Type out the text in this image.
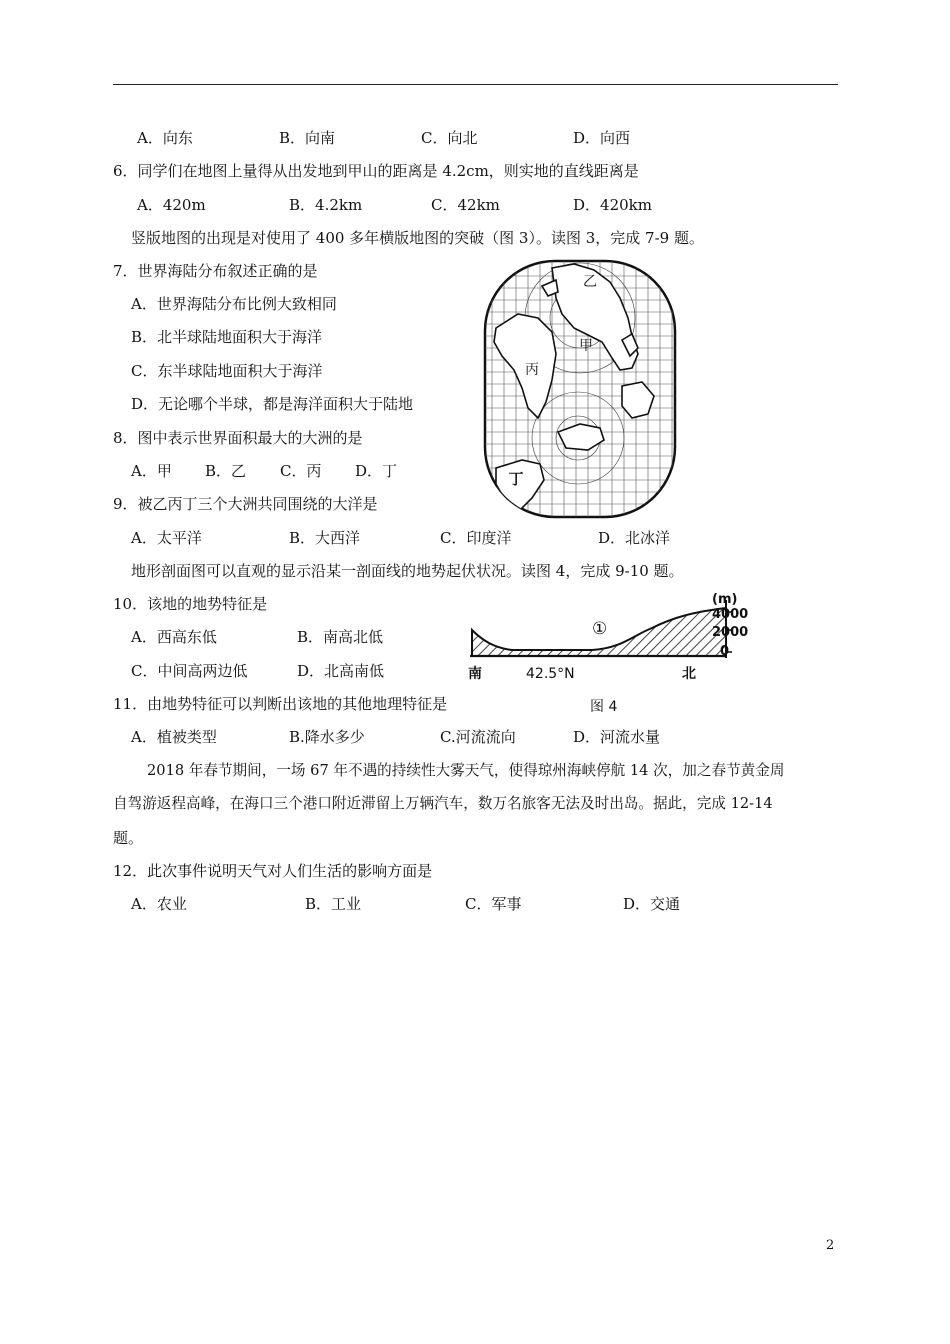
A．向东	B．向南	C．向北	D．向西
6．同学们在地图上量得从出发地到甲山的距离是 4.2cm，则实地的直线距离是
A．420m	B．4.2km	C．42km	D．420km
竖版地图的出现是对使用了 400 多年横版地图的突破（图 3）。读图 3，完成 7-9 题。
7．世界海陆分布叙述正确的是
A．世界海陆分布比例大致相同
B．北半球陆地面积大于海洋
C．东半球陆地面积大于海洋
D．无论哪个半球，都是海洋面积大于陆地
8．图中表示世界面积最大的大洲的是
A．甲 B．乙 C．丙 D．丁
9．被乙丙丁三个大洲共同围绕的大洋是
A．太平洋	B．大西洋	C．印度洋	D．北冰洋
地形剖面图可以直观的显示沿某一剖面线的地势起伏状况。读图 4，完成 9-10 题。
10．该地的地势特征是
A．西高东低	B．南高北低
C．中间高两边低	D．北高南低
11．由地势特征可以判断出该地的其他地理特征是
A．植被类型	B.降水多少	C.河流流向	D．河流水量
2018 年春节期间，一场 67 年不遇的持续性大雾天气，使得琼州海峡停航 14 次，加之春节黄金周
自驾游返程高峰，在海口三个港口附近滞留上万辆汽车，数万名旅客无法及时出岛。据此，完成 12-14
题。
12．此次事件说明天气对人们生活的影响方面是
A．农业	B．工业	C．军事	D．交通
乙
甲
丙
丁
(m)
4000
2000
0
①
南	42.5°N	北
图 4
2
